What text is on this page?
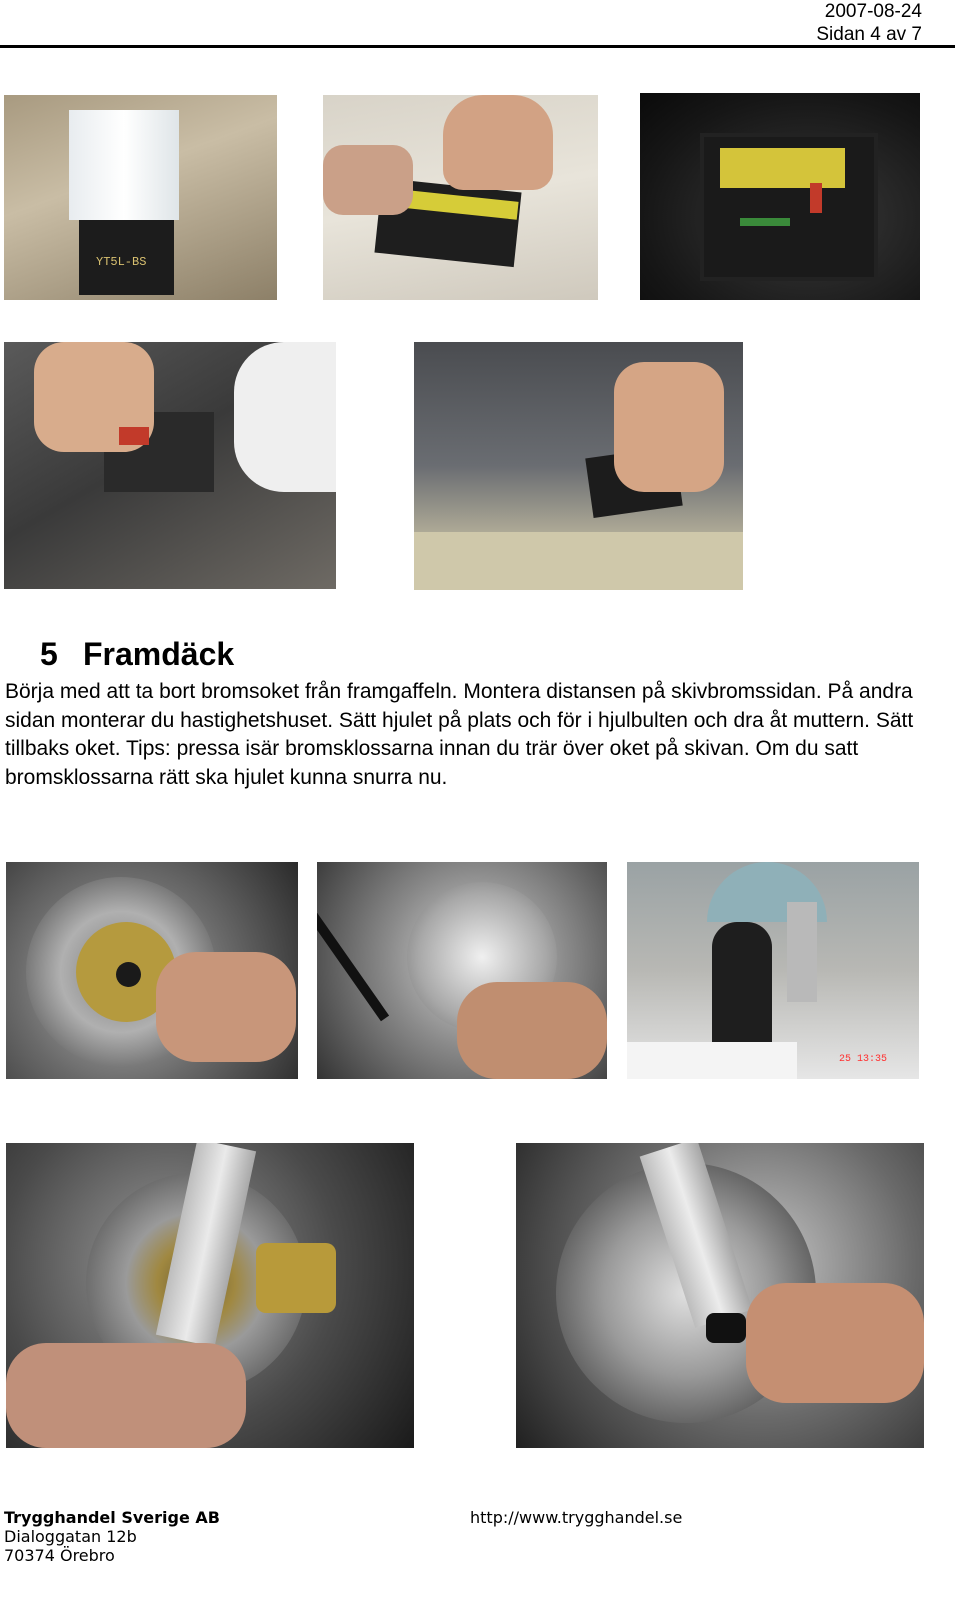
2007-08-24
Sidan 4 av 7
YT5L-BS
5 Framdäck

Börja med att ta bort bromsoket från framgaffeln. Montera distansen på skivbromssidan. På andra sidan monterar du hastighetshuset. Sätt hjulet på plats och för i hjulbulten och dra åt muttern. Sätt tillbaks oket. Tips: pressa isär bromsklossarna innan du trär över oket på skivan. Om du satt bromsklossarna rätt ska hjulet kunna snurra nu.

25 13:35
Trygghandel Sverige AB
Dialoggatan 12b
70374 Örebro
http://www.trygghandel.se
